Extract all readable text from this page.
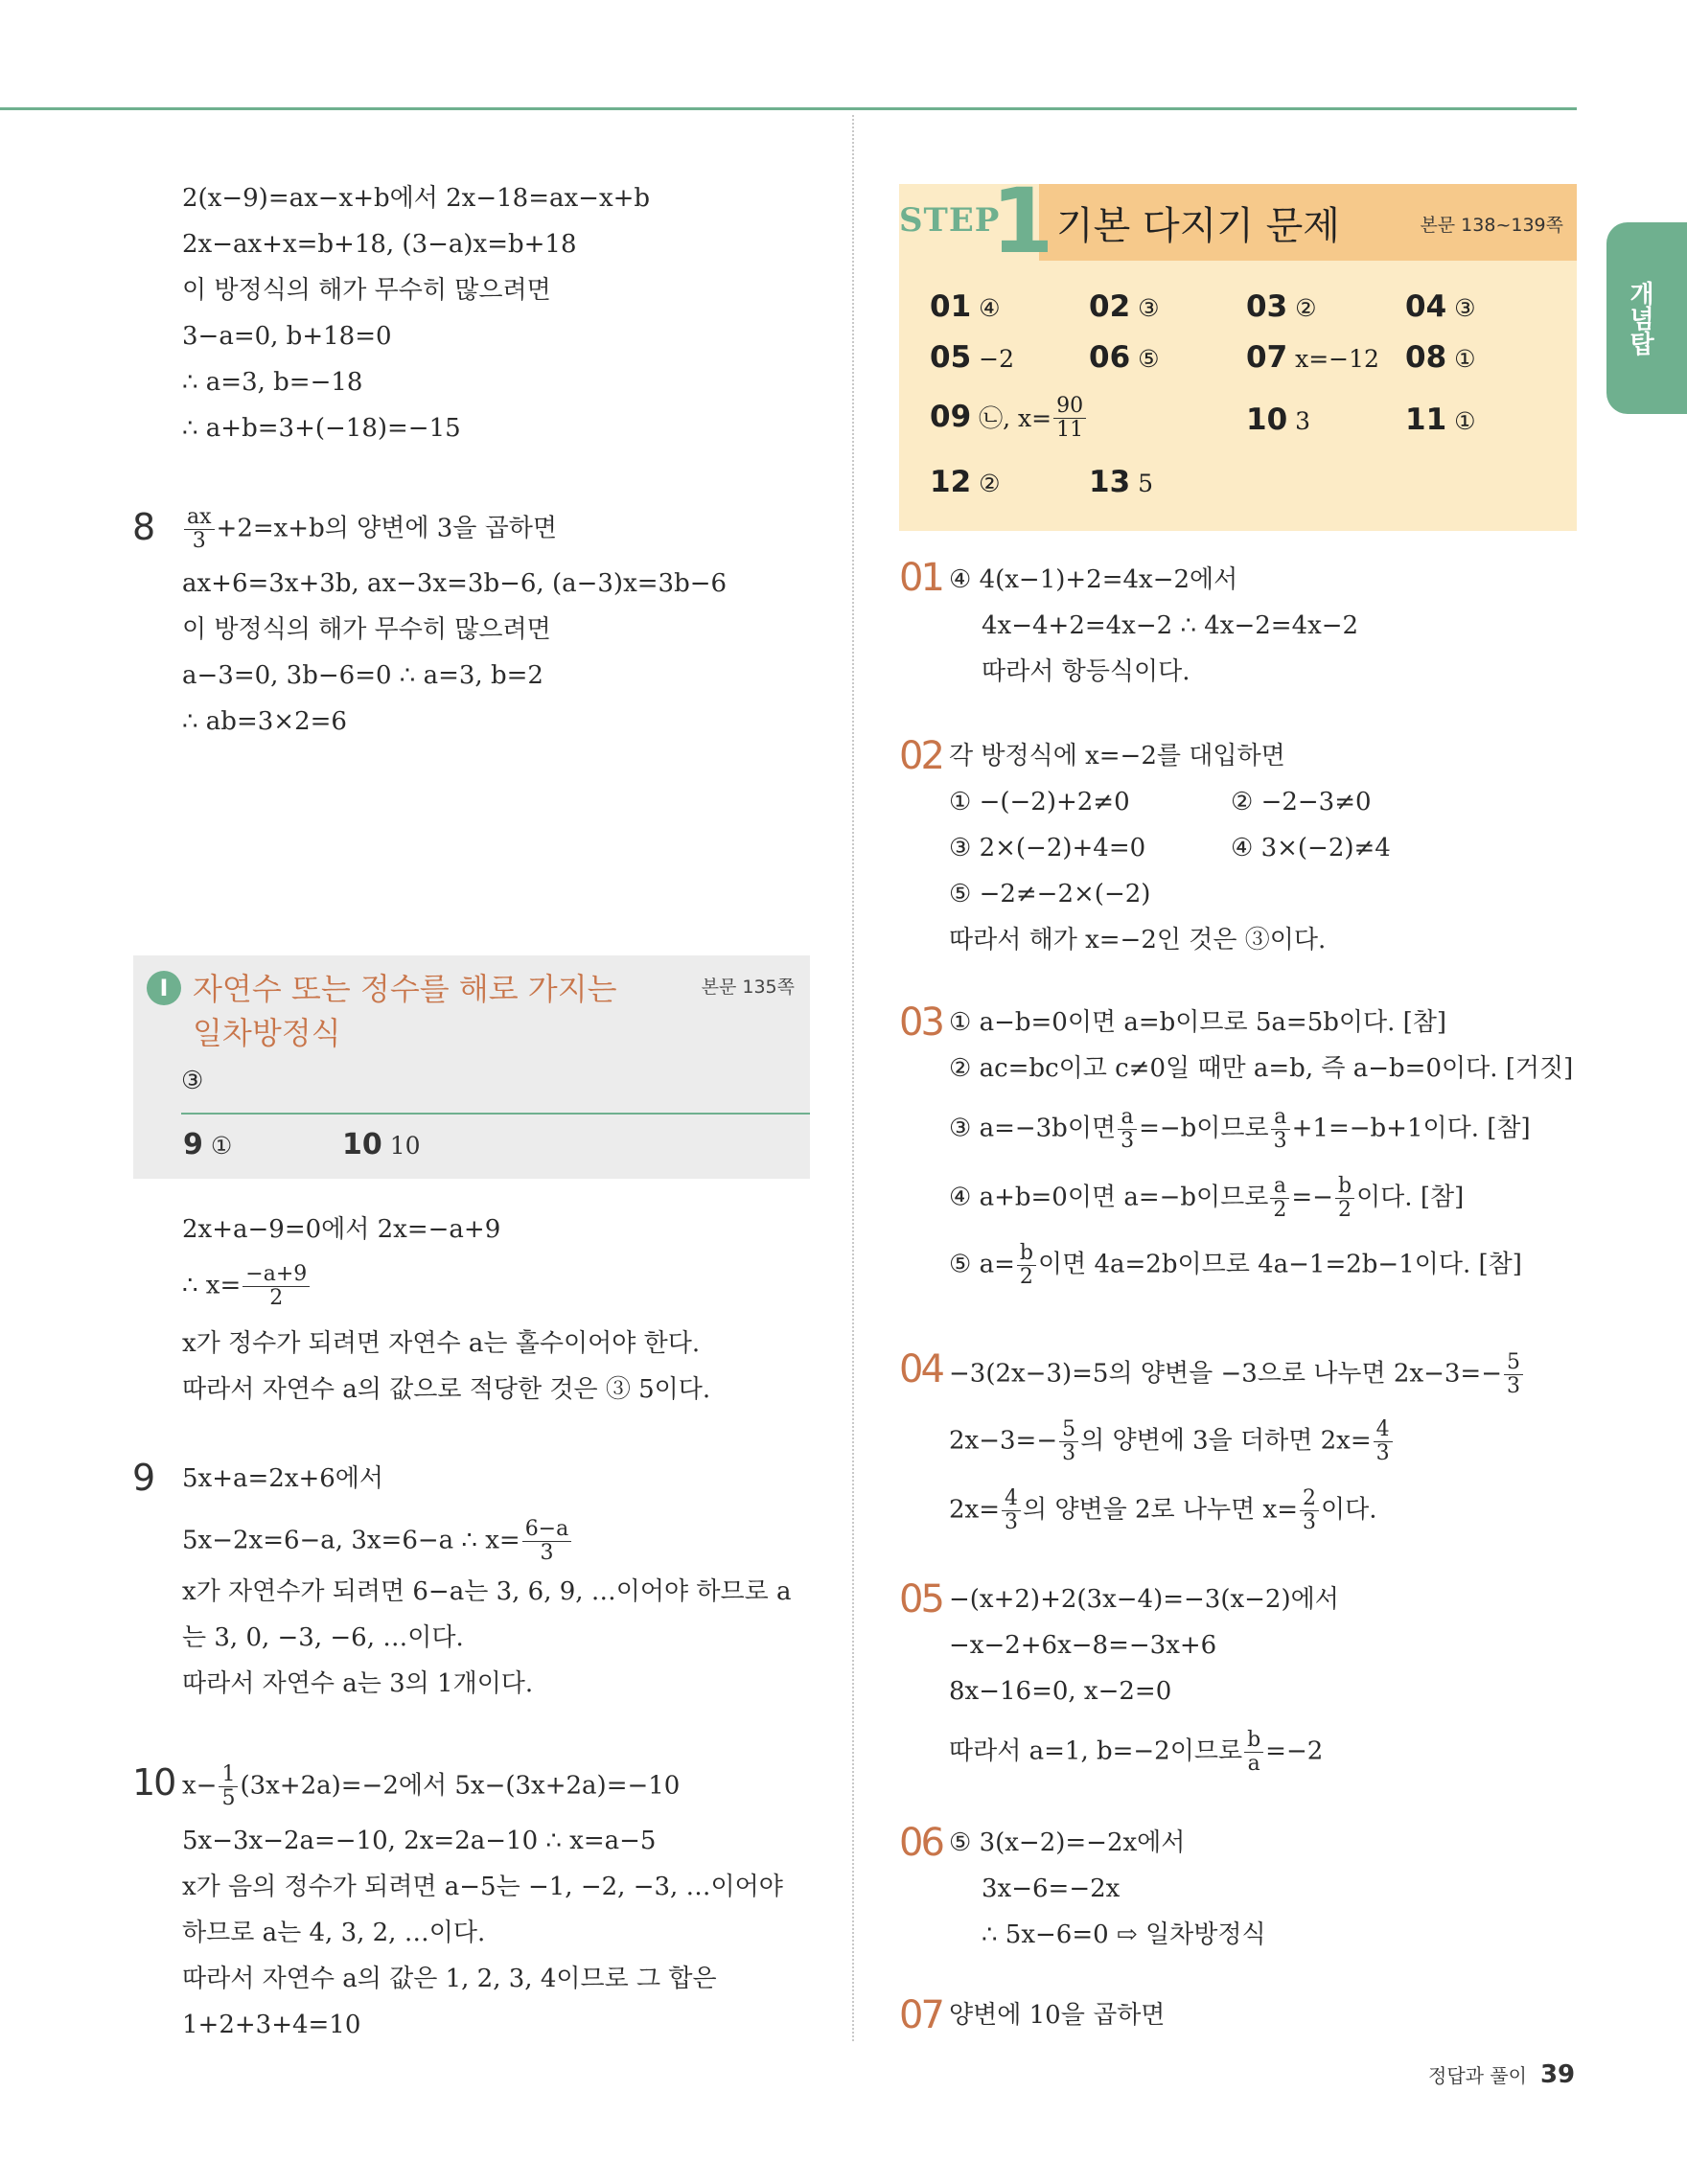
개념탑
2(x−9)=ax−x+b에서 2x−18=ax−x+b
2x−ax+x=b+18, (3−a)x=b+18
이 방정식의 해가 무수히 많으려면
3−a=0, b+18=0
∴ a=3, b=−18
∴ a+b=3+(−18)=−15
$8 \frac{ax}{3} +2=x+b$의 양변에 3을 곱하면
ax+6=3x+3b, ax−3x=3b−6, (a−3)x=3b−6
이 방정식의 해가 무수히 많으려면
a−3=0, 3b−6=0 ∴ a=3, b=2
∴ ab=3×2=6
I 자연수 또는 정수를 해로 가지는
일차방정식
본문 135쪽
③
9 ①	10 10
2x+a−9=0에서 2x=−a+9
∴ $x= \frac{-a+9}{2}$
x가 정수가 되려면 자연수 a는 홀수이어야 한다.
따라서 자연수 a의 값으로 적당한 것은 ③ 5이다.
9 5x+a=2x+6에서
5x−2x=6−a, 3x=6−a ∴ $x= \frac{6-a}{3}$
x가 자연수가 되려면 6−a는 3, 6, 9, …이어야 하므로 a
는 3, 0, −3, −6, …이다.
따라서 자연수 a는 3의 1개이다.
10 $x- \frac{1}{5} (3x+2a)=-2$에서 5x−(3x+2a)=−10
5x−3x−2a=−10, 2x=2a−10 ∴ x=a−5
x가 음의 정수가 되려면 a−5는 −1, −2, −3, …이어야
하므로 a는 4, 3, 2, …이다.
따라서 자연수 a의 값은 1, 2, 3, 4이므로 그 합은
1+2+3+4=10
STEP
1 기본 다지기 문제	본문 138~139쪽
01 ④	02 ③	03 ②	04 ③
05 −2	06 ⑤	07 x=−12 08 ①
09 ㉡, $x= \frac{90}{11}$	10 3	11 ①
12 ②	13 5
01 ④ 4(x−1)+2=4x−2에서
4x−4+2=4x−2 ∴ 4x−2=4x−2
따라서 항등식이다.
02 각 방정식에 x=−2를 대입하면
① −(−2)+2≠0	② −2−3≠0
③ 2×(−2)+4=0	④ 3×(−2)≠4
⑤ −2≠−2×(−2)
따라서 해가 x=−2인 것은 ③이다.
03 ① a−b=0이면 a=b이므로 5a=5b이다. [참]
② ac=bc이고 c≠0일 때만 a=b, 즉 a−b=0이다. [거짓]
③ a=−3b이면 $\frac{a}{3} =-b$이므로 $\frac{a}{3} +1=-b+1$이다. [참]
④ a+b=0이면 a=−b이므로 $\frac{a}{2} =- \frac{b}{2}$ 이다. [참]
⑤ $a= \frac{b}{2}$ 이면 4a=2b이므로 4a−1=2b−1이다. [참]
04 −3(2x−3)=5의 양변을 −3으로 나누면 $2x-3=- \frac{5}{3}$
$2x-3=- \frac{5}{3}$ 의 양변에 3을 더하면 $2x= \frac{4}{3}$
$2x= \frac{4}{3}$ 의 양변을 2로 나누면 $x= \frac{2}{3}$ 이다.
05 −(x+2)+2(3x−4)=−3(x−2)에서
−x−2+6x−8=−3x+6
8x−16=0, x−2=0
따라서 a=1, b=−2이므로 $\frac{b}{a} =-2$
06 ⑤ 3(x−2)=−2x에서
3x−6=−2x
∴ 5x−6=0 ⇨ 일차방정식
07 양변에 10을 곱하면
정답과 풀이 39
